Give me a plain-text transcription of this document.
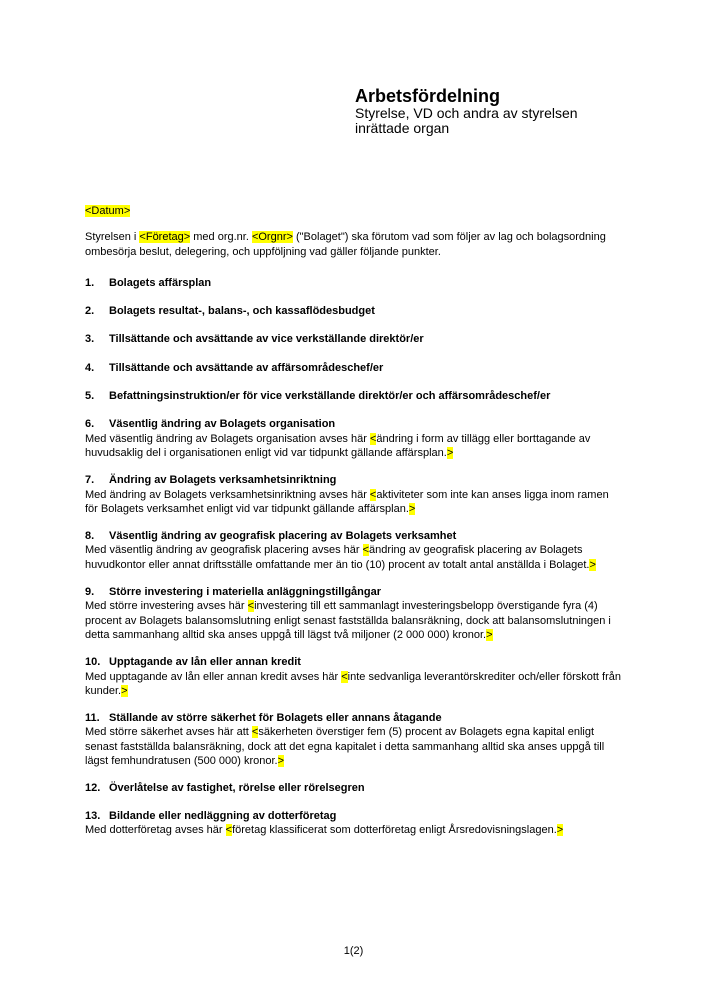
Arbetsfördelning

Styrelse, VD och andra av styrelsen inrättade organ

<Datum>

Styrelsen i <Företag> med org.nr. <Orgnr> ("Bolaget") ska förutom vad som följer av lag och bolagsordning ombesörja beslut, delegering, och uppföljning vad gäller följande punkter.

1. Bolagets affärsplan

2. Bolagets resultat-, balans-, och kassaflödesbudget

3. Tillsättande och avsättande av vice verkställande direktör/er

4. Tillsättande och avsättande av affärsområdeschef/er

5. Befattningsinstruktion/er för vice verkställande direktör/er och affärsområdeschef/er

6. Väsentlig ändring av Bolagets organisation

Med väsentlig ändring av Bolagets organisation avses här <ändring i form av tillägg eller borttagande av huvudsaklig del i organisationen enligt vid var tidpunkt gällande affärsplan.>

7. Ändring av Bolagets verksamhetsinriktning

Med ändring av Bolagets verksamhetsinriktning avses här <aktiviteter som inte kan anses ligga inom ramen för Bolagets verksamhet enligt vid var tidpunkt gällande affärsplan.>

8. Väsentlig ändring av geografisk placering av Bolagets verksamhet

Med väsentlig ändring av geografisk placering avses här <ändring av geografisk placering av Bolagets huvudkontor eller annat driftsställe omfattande mer än tio (10) procent av totalt antal anställda i Bolaget.>

9. Större investering i materiella anläggningstillgångar

Med större investering avses här <investering till ett sammanlagt investeringsbelopp överstigande fyra (4) procent av Bolagets balansomslutning enligt senast fastställda balansräkning, dock att balansomslutningen i detta sammanhang alltid ska anses uppgå till lägst två miljoner (2 000 000) kronor.>

10. Upptagande av lån eller annan kredit

Med upptagande av lån eller annan kredit avses här <inte sedvanliga leverantörskrediter och/eller förskott från kunder.>

11. Ställande av större säkerhet för Bolagets eller annans åtagande

Med större säkerhet avses här att <säkerheten överstiger fem (5) procent av Bolagets egna kapital enligt senast fastställda balansräkning, dock att det egna kapitalet i detta sammanhang alltid ska anses uppgå till lägst femhundratusen (500 000) kronor.>

12. Överlåtelse av fastighet, rörelse eller rörelsegren

13. Bildande eller nedläggning av dotterföretag

Med dotterföretag avses här <företag klassificerat som dotterföretag enligt Årsredovisningslagen.>

1(2)
